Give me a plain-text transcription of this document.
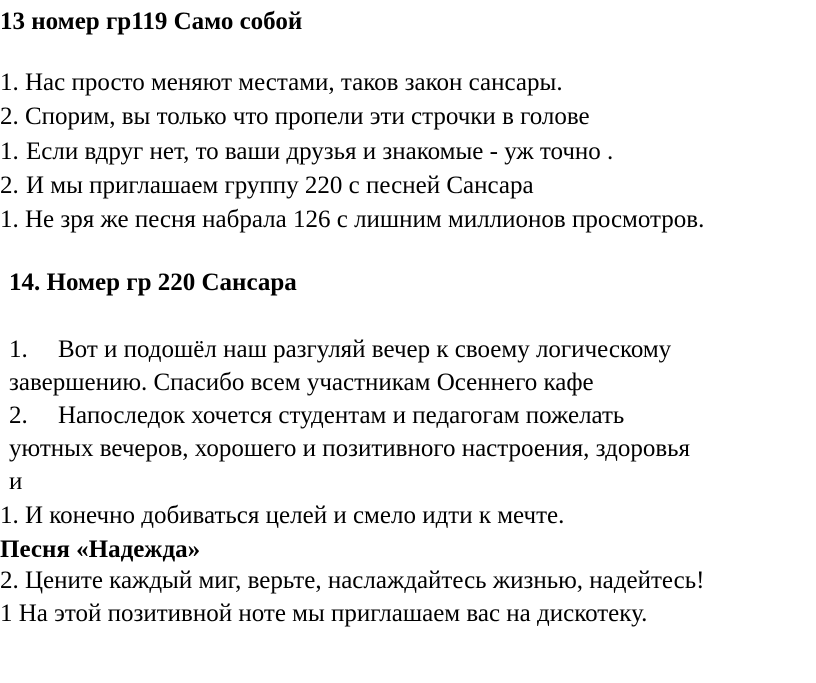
13 номер гр119 Само собой
1. Нас просто меняют местами, таков закон сансары.
2. Спорим, вы только что пропели эти строчки в голове
1. Если вдруг нет, то ваши друзья и знакомые - уж точно .
2. И мы приглашаем группу 220 с песней Сансара
1. Не зря же песня набрала 126 с лишним миллионов просмотров.
14. Номер гр 220 Сансара
1. Вот и подошёл наш разгуляй вечер к своему логическому
завершению. Спасибо всем участникам Осеннего кафе
2. Напоследок хочется студентам и педагогам пожелать
уютных вечеров, хорошего и позитивного настроения, здоровья
и
1. И конечно добиваться целей и смело идти к мечте.
Песня «Надежда»
2. Цените каждый миг, верьте, наслаждайтесь жизнью, надейтесь!
1 На этой позитивной ноте мы приглашаем вас на дискотеку.
